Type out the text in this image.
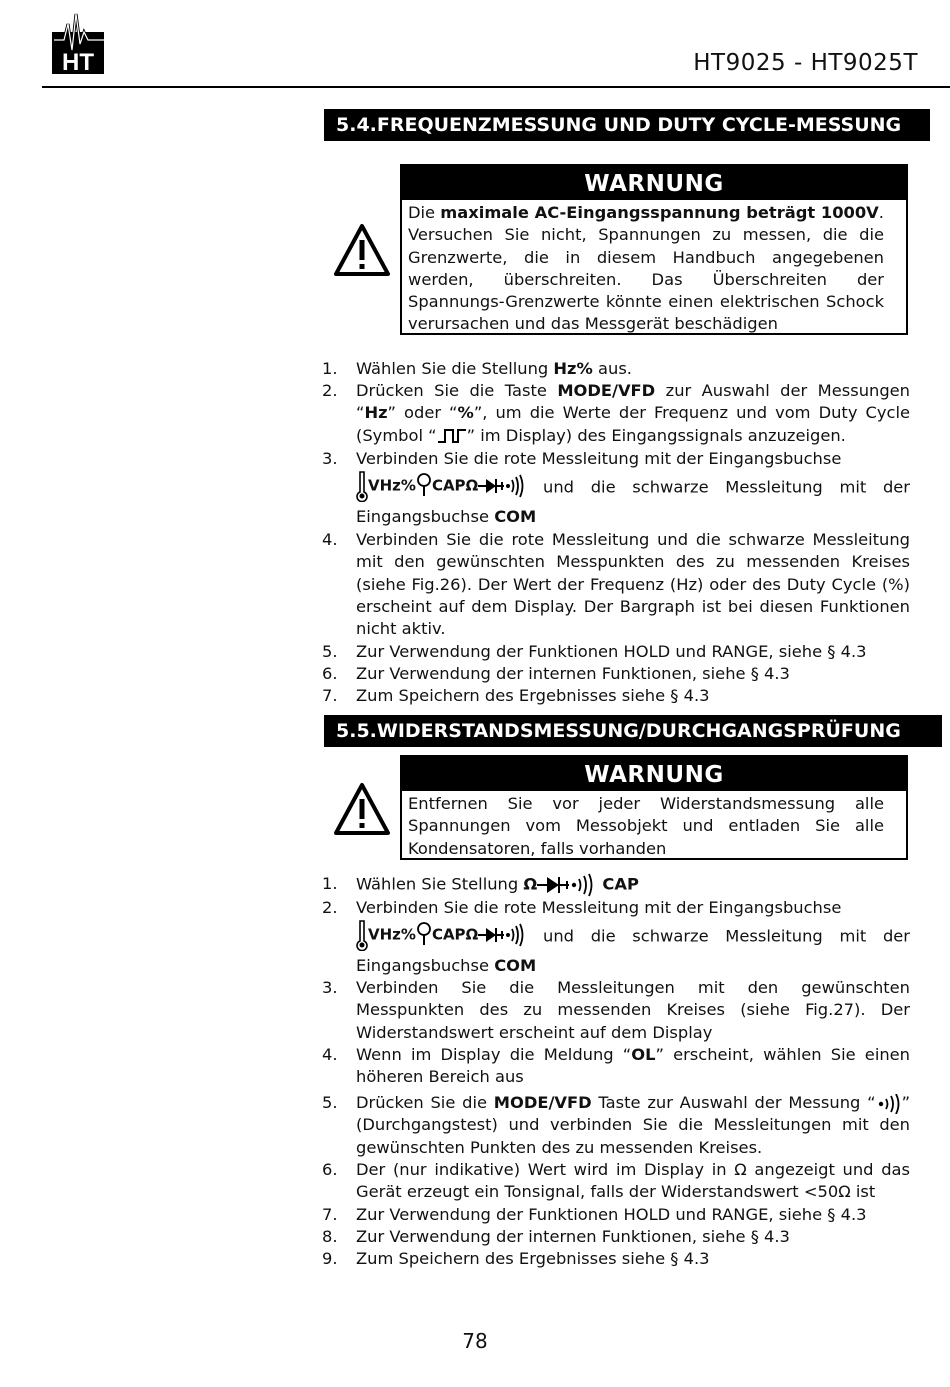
HT	HT9025 - HT9025T
5.4.FREQUENZMESSUNG UND DUTY CYCLE-MESSUNG
WARNUNG
Die maximale AC-Eingangsspannung beträgt 1000V. Versuchen Sie nicht, Spannungen zu messen, die die Grenzwerte, die in diesem Handbuch angegebenen werden, überschreiten. Das Überschreiten der Spannungs-Grenzwerte könnte einen elektrischen Schock verursachen und das Messgerät beschädigen
1.	Wählen Sie die Stellung Hz% aus.
2.	Drücken Sie die Taste MODE/VFD zur Auswahl der Messungen “Hz” oder “%”, um die Werte der Frequenz und vom Duty Cycle (Symbol “ ” im Display) des Eingangssignals anzuzeigen.
3.	Verbinden Sie die rote Messleitung mit der Eingangsbuchse
VHz% CAPΩ	und die schwarze Messleitung mit der Eingangsbuchse COM
4.	Verbinden Sie die rote Messleitung und die schwarze Messleitung mit den gewünschten Messpunkten des zu messenden Kreises (siehe Fig.26). Der Wert der Frequenz (Hz) oder des Duty Cycle (%) erscheint auf dem Display. Der Bargraph ist bei diesen Funktionen nicht aktiv.
5.	Zur Verwendung der Funktionen HOLD und RANGE, siehe § 4.3
6.	Zur Verwendung der internen Funktionen, siehe § 4.3
7.	Zum Speichern des Ergebnisses siehe § 4.3
5.5.WIDERSTANDSMESSUNG/DURCHGANGSPRÜFUNG
WARNUNG
Entfernen Sie vor jeder Widerstandsmessung alle Spannungen vom Messobjekt und entladen Sie alle Kondensatoren, falls vorhanden
1.	Wählen Sie Stellung Ω	CAP
2.	Verbinden Sie die rote Messleitung mit der Eingangsbuchse
VHz% CAPΩ	und die schwarze Messleitung mit der Eingangsbuchse COM
3.	Verbinden Sie die Messleitungen mit den gewünschten Messpunkten des zu messenden Kreises (siehe Fig.27). Der Widerstandswert erscheint auf dem Display
4.	Wenn im Display die Meldung “OL” erscheint, wählen Sie einen höheren Bereich aus
5.	Drücken Sie die MODE/VFD Taste zur Auswahl der Messung “ ” (Durchgangstest) und verbinden Sie die Messleitungen mit den gewünschten Punkten des zu messenden Kreises.
6.	Der (nur indikative) Wert wird im Display in Ω angezeigt und das Gerät erzeugt ein Tonsignal, falls der Widerstandswert <50Ω ist
7.	Zur Verwendung der Funktionen HOLD und RANGE, siehe § 4.3
8.	Zur Verwendung der internen Funktionen, siehe § 4.3
9.	Zum Speichern des Ergebnisses siehe § 4.3
78
